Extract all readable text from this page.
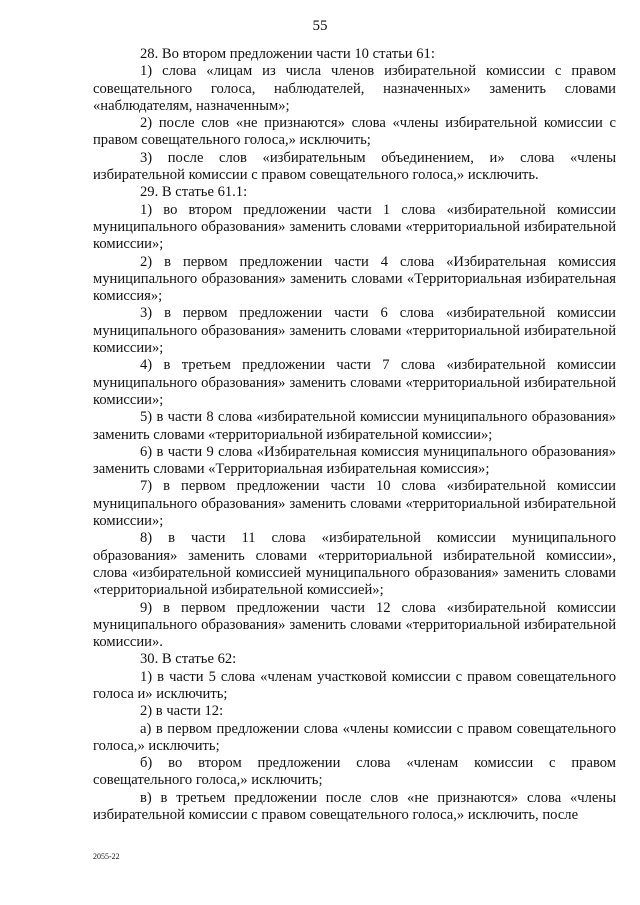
55

28. Во втором предложении части 10 статьи 61:

1) слова «лицам из числа членов избирательной комиссии с правом совещательного голоса, наблюдателей, назначенных» заменить словами «наблюдателям, назначенным»;

2) после слов «не признаются» слова «члены избирательной комиссии с правом совещательного голоса,» исключить;

3) после слов «избирательным объединением, и» слова «члены избирательной комиссии с правом совещательного голоса,» исключить.

29. В статье 61.1:

1) во втором предложении части 1 слова «избирательной комиссии муниципального образования» заменить словами «территориальной избирательной комиссии»;

2) в первом предложении части 4 слова «Избирательная комиссия муниципального образования» заменить словами «Территориальная избирательная комиссия»;

3) в первом предложении части 6 слова «избирательной комиссии муниципального образования» заменить словами «территориальной избирательной комиссии»;

4) в третьем предложении части 7 слова «избирательной комиссии муниципального образования» заменить словами «территориальной избирательной комиссии»;

5) в части 8 слова «избирательной комиссии муниципального образования» заменить словами «территориальной избирательной комиссии»;

6) в части 9 слова «Избирательная комиссия муниципального образования» заменить словами «Территориальная избирательная комиссия»;

7) в первом предложении части 10 слова «избирательной комиссии муниципального образования» заменить словами «территориальной избирательной комиссии»;

8) в части 11 слова «избирательной комиссии муниципального образования» заменить словами «территориальной избирательной комиссии», слова «избирательной комиссией муниципального образования» заменить словами «территориальной избирательной комиссией»;

9) в первом предложении части 12 слова «избирательной комиссии муниципального образования» заменить словами «территориальной избирательной комиссии».

30. В статье 62:

1) в части 5 слова «членам участковой комиссии с правом совещательного голоса и» исключить;

2) в части 12:

а) в первом предложении слова «члены комиссии с правом совещательного голоса,» исключить;

б) во втором предложении слова «членам комиссии с правом совещательного голоса,» исключить;

в) в третьем предложении после слов «не признаются» слова «члены избирательной комиссии с правом совещательного голоса,» исключить, после

2055-22
